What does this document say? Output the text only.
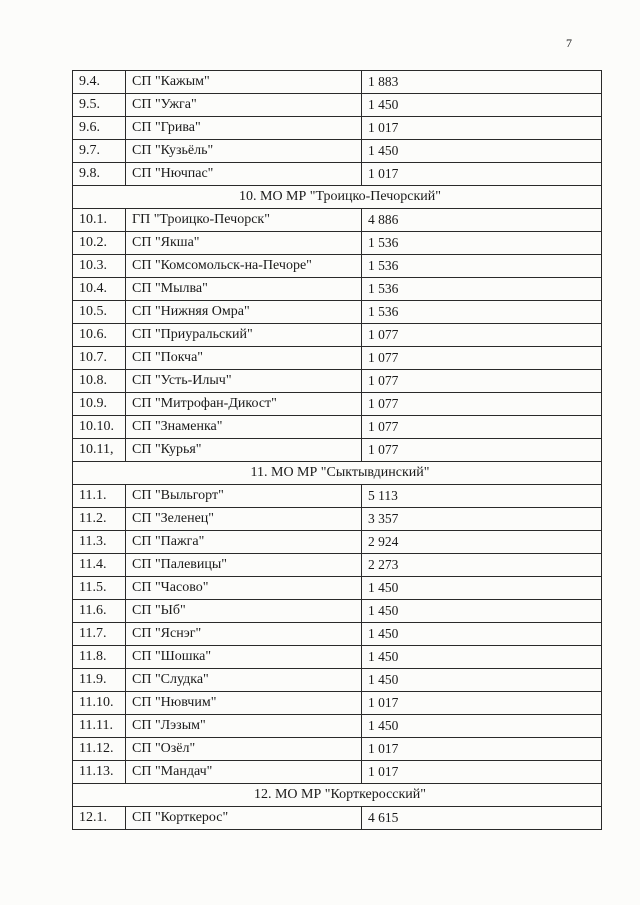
7
9.4.	СП "Кажым"	1 883
9.5.	СП "Ужга"	1 450
9.6.	СП "Грива"	1 017
9.7.	СП "Кузьёль"	1 450
9.8.	СП "Нючпас"	1 017
10. МО МР "Троицко-Печорский"		
10.1.	ГП "Троицко-Печорск"	4 886
10.2.	СП "Якша"	1 536
10.3.	СП "Комсомольск-на-Печоре"	1 536
10.4.	СП "Мылва"	1 536
10.5.	СП "Нижняя Омра"	1 536
10.6.	СП "Приуральский"	1 077
10.7.	СП "Покча"	1 077
10.8.	СП "Усть-Илыч"	1 077
10.9.	СП "Митрофан-Дикост"	1 077
10.10.	СП "Знаменка"	1 077
10.11,	СП "Курья"	1 077
11. МО МР "Сыктывдинский"		
11.1.	СП "Выльгорт"	5 113
11.2.	СП "Зеленец"	3 357
11.3.	СП "Пажга"	2 924
11.4.	СП "Палевицы"	2 273
11.5.	СП "Часово"	1 450
11.6.	СП "Ыб"	1 450
11.7.	СП "Яснэг"	1 450
11.8.	СП "Шошка"	1 450
11.9.	СП "Слудка"	1 450
11.10.	СП "Нювчим"	1 017
11.11.	СП "Лэзым"	1 450
11.12.	СП "Озёл"	1 017
11.13.	СП "Мандач"	1 017
12. МО МР "Корткеросский"		
12.1.	СП "Корткерос"	4 615
